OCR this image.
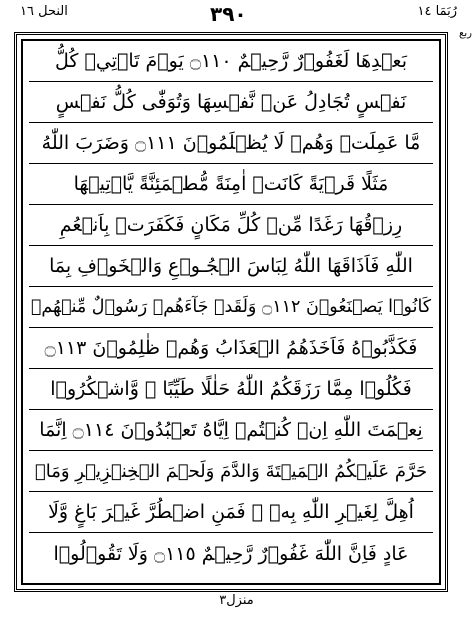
النحل ١٦	٣٩٠	رُبَمَا ١٤
ربع
بَعۡدِهَا لَغَفُوۡرٌ رَّحِيۡمٌ ۝١١٠ يَوۡمَ تَاۡتِيۡ كُلُّ
نَفۡسٍ تُجَادِلُ عَنۡ نَّفۡسِهَا وَتُوَفّٰى كُلُّ نَفۡسٍ
مَّا عَمِلَتۡ وَهُمۡ لَا يُظۡلَمُوۡنَ ۝١١١ وَضَرَبَ اللّٰهُ
مَثَلًا قَرۡيَةً كَانَتۡ اٰمِنَةً مُّطۡمَئِنَّةً يَّاۡتِيۡهَا
رِزۡقُهَا رَغَدًا مِّنۡ كُلِّ مَكَانٍ فَكَفَرَتۡ بِاَنۡعُمِ
اللّٰهِ فَاَذَاقَهَا اللّٰهُ لِبَاسَ الۡجُـوۡعِ وَالۡخَوۡفِ بِمَا
كَانُوۡا يَصۡنَعُوۡنَ ۝١١٢ وَلَقَدۡ جَآءَهُمۡ رَسُوۡلٌ مِّنۡهُمۡ
فَكَذَّبُوۡهُ فَاَخَذَهُمُ الۡعَذَابُ وَهُمۡ ظٰلِمُوۡنَ ۝١١٣
فَكُلُوۡا مِمَّا رَزَقَكُمُ اللّٰهُ حَلٰلًا طَيِّبًا ۖ وَّاشۡكُرُوۡا
نِعۡمَتَ اللّٰهِ اِنۡ كُنۡتُمۡ اِيَّاهُ تَعۡبُدُوۡنَ ۝١١٤ اِنَّمَا
حَرَّمَ عَلَيۡكُمُ الۡمَيۡتَةَ وَالدَّمَ وَلَحۡمَ الۡخِنۡزِيۡرِ وَمَاۤ
اُهِلَّ لِغَيۡرِ اللّٰهِ بِهٖ ۚ فَمَنِ اضۡطُرَّ غَيۡرَ بَاغٍ وَّلَا
عَادٍ فَاِنَّ اللّٰهَ غَفُوۡرٌ رَّحِيۡمٌ ۝١١٥ وَلَا تَقُوۡلُوۡا
منزل٣
